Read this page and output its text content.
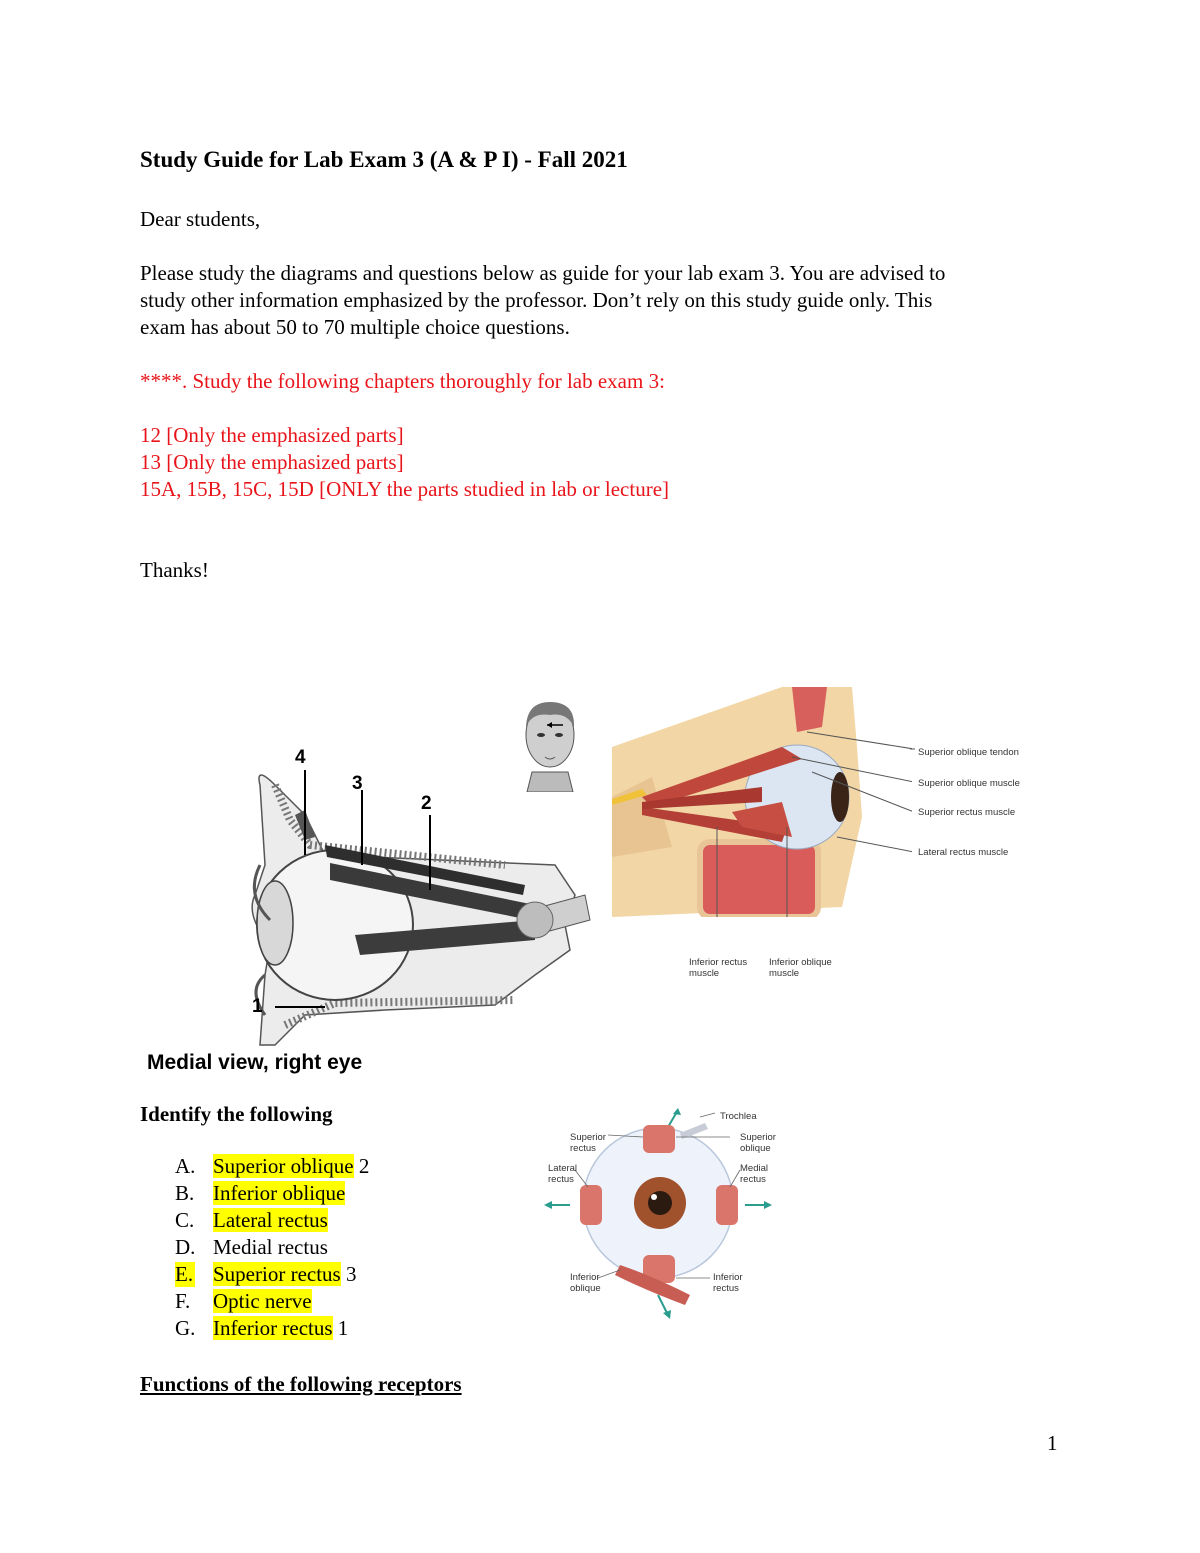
Study Guide for Lab Exam 3 (A & P I) - Fall 2021
Dear students,
Please study the diagrams and questions below as guide for your lab exam 3. You are advised to
study other information emphasized by the professor. Don’t rely on this study guide only. This
exam has about 50 to 70 multiple choice questions.
****. Study the following chapters thoroughly for lab exam 3:
12 [Only the emphasized parts]
13 [Only the emphasized parts]
15A, 15B, 15C, 15D [ONLY the parts studied in lab or lecture]
Thanks!
4
3
2
1
Medial view, right eye
Superior oblique tendon
Superior oblique muscle
Superior rectus muscle
Lateral rectus muscle
Inferior rectus
muscle
Inferior oblique
muscle
Identify the following
A. Superior oblique 2
B. Inferior oblique
C. Lateral rectus
D. Medial rectus
E. Superior rectus 3
F. Optic nerve
G. Inferior rectus 1
Trochlea
Superior
rectus
Superior
oblique
Lateral
rectus
Medial
rectus
Inferior
oblique
Inferior
rectus
Functions of the following receptors
1
